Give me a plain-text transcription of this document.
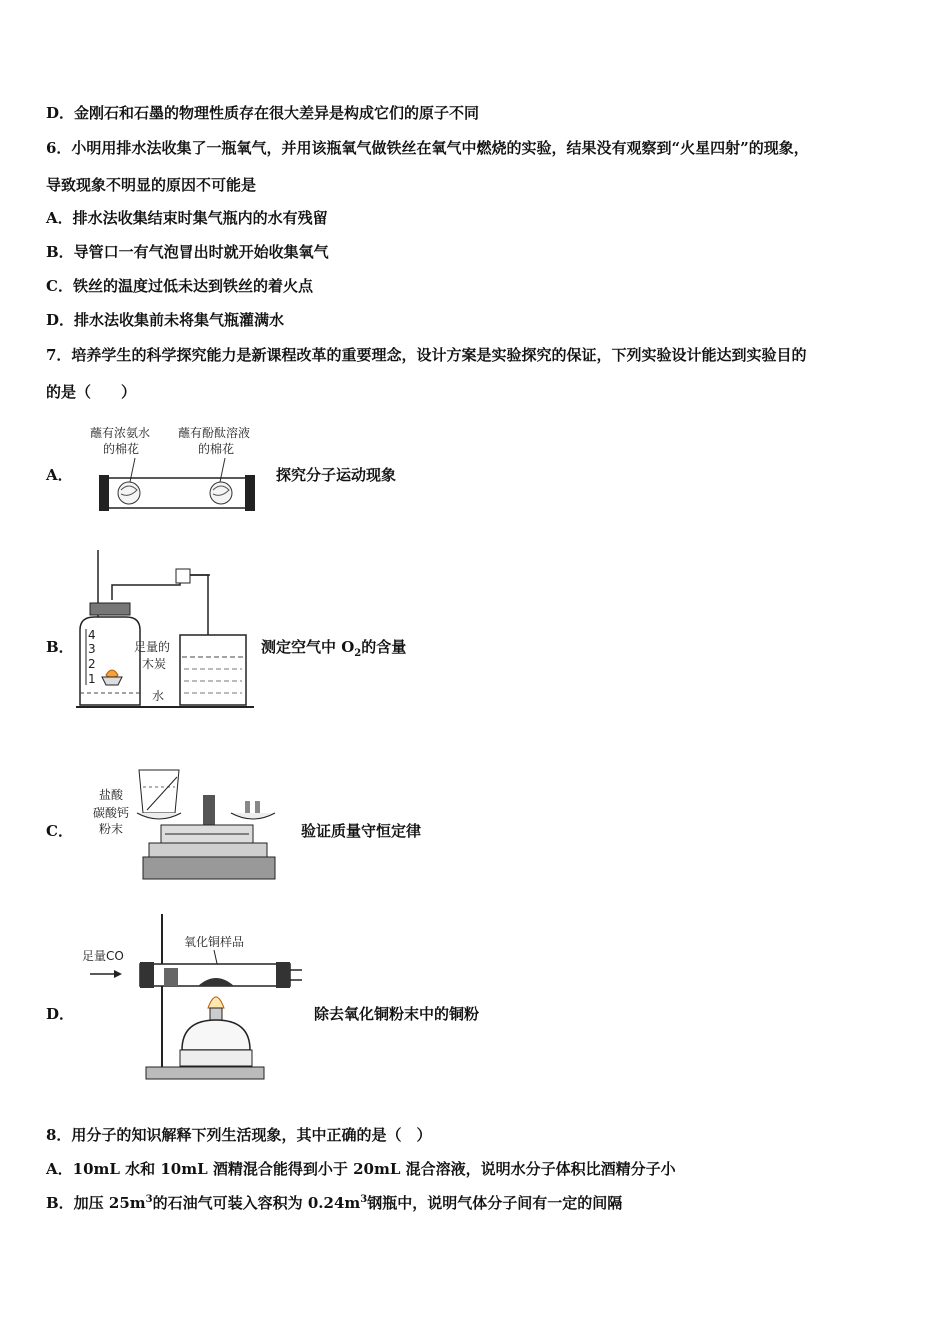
D．金刚石和石墨的物理性质存在很大差异是构成它们的原子不同
6．小明用排水法收集了一瓶氧气，并用该瓶氧气做铁丝在氧气中燃烧的实验，结果没有观察到“火星四射”的现象，
导致现象不明显的原因不可能是
A．排水法收集结束时集气瓶内的水有残留
B．导管口一有气泡冒出时就开始收集氧气
C．铁丝的温度过低未达到铁丝的着火点
D．排水法收集前未将集气瓶灌满水
7．培养学生的科学探究能力是新课程改革的重要理念，设计方案是实验探究的保证，下列实验设计能达到实验目的
的是（　　）
A．
蘸有浓氨水
的棉花
蘸有酚酞溶液
的棉花
探究分子运动现象
B．
4
3
2
1
足量的
木炭
水
测定空气中 $O_2$的含量
C．
盐酸
碳酸钙
粉末	验证质量守恒定律
D．
足量CO
氧化铜样品
除去氧化铜粉末中的铜粉
8．用分子的知识解释下列生活现象，其中正确的是（　）
A．10mL 水和 10mL 酒精混合能得到小于 20mL 混合溶液，说明水分子体积比酒精分子小
B．加压 $25m^3$的石油气可装入容积为 $0.24m^3$钢瓶中，说明气体分子间有一定的间隔
